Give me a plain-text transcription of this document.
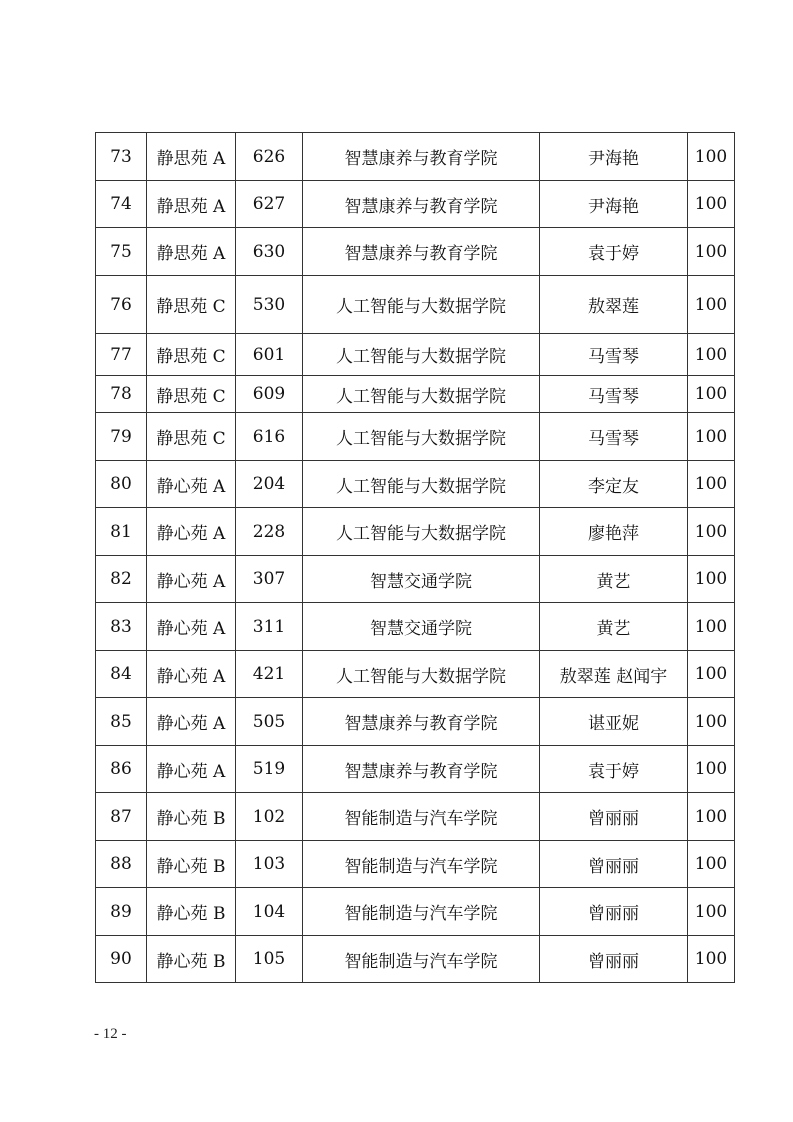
73	静思苑 A	626	智慧康养与教育学院	尹海艳	100
74	静思苑 A	627	智慧康养与教育学院	尹海艳	100
75	静思苑 A	630	智慧康养与教育学院	袁于婷	100
76	静思苑 C	530	人工智能与大数据学院	敖翠莲	100
77	静思苑 C	601	人工智能与大数据学院	马雪琴	100
78	静思苑 C	609	人工智能与大数据学院	马雪琴	100
79	静思苑 C	616	人工智能与大数据学院	马雪琴	100
80	静心苑 A	204	人工智能与大数据学院	李定友	100
81	静心苑 A	228	人工智能与大数据学院	廖艳萍	100
82	静心苑 A	307	智慧交通学院	黄艺	100
83	静心苑 A	311	智慧交通学院	黄艺	100
84	静心苑 A	421	人工智能与大数据学院	敖翠莲 赵闻宇	100
85	静心苑 A	505	智慧康养与教育学院	谌亚妮	100
86	静心苑 A	519	智慧康养与教育学院	袁于婷	100
87	静心苑 B	102	智能制造与汽车学院	曾丽丽	100
88	静心苑 B	103	智能制造与汽车学院	曾丽丽	100
89	静心苑 B	104	智能制造与汽车学院	曾丽丽	100
90	静心苑 B	105	智能制造与汽车学院	曾丽丽	100
- 12 -
